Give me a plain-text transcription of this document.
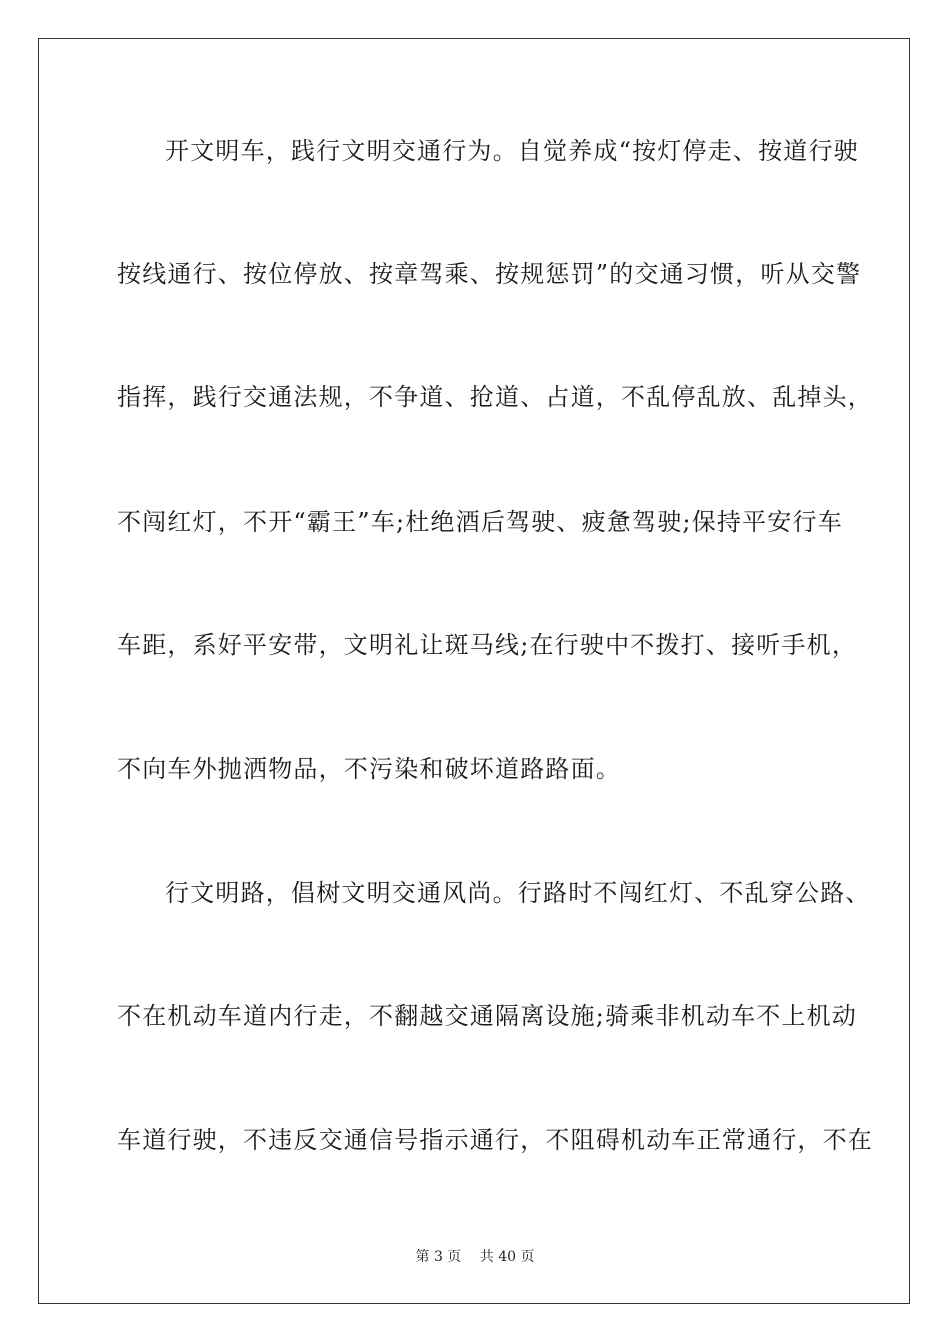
开文明车，践行文明交通行为。自觉养成“按灯停走、按道行驶
按线通行、按位停放、按章驾乘、按规惩罚”的交通习惯，听从交警
指挥，践行交通法规，不争道、抢道、占道，不乱停乱放、乱掉头，
不闯红灯，不开“霸王”车;杜绝酒后驾驶、疲惫驾驶;保持平安行车
车距，系好平安带，文明礼让斑马线;在行驶中不拨打、接听手机，
不向车外抛洒物品，不污染和破坏道路路面。
行文明路，倡树文明交通风尚。行路时不闯红灯、不乱穿公路、
不在机动车道内行走，不翻越交通隔离设施;骑乘非机动车不上机动
车道行驶，不违反交通信号指示通行，不阻碍机动车正常通行，不在
第 3 页　 共 40 页
